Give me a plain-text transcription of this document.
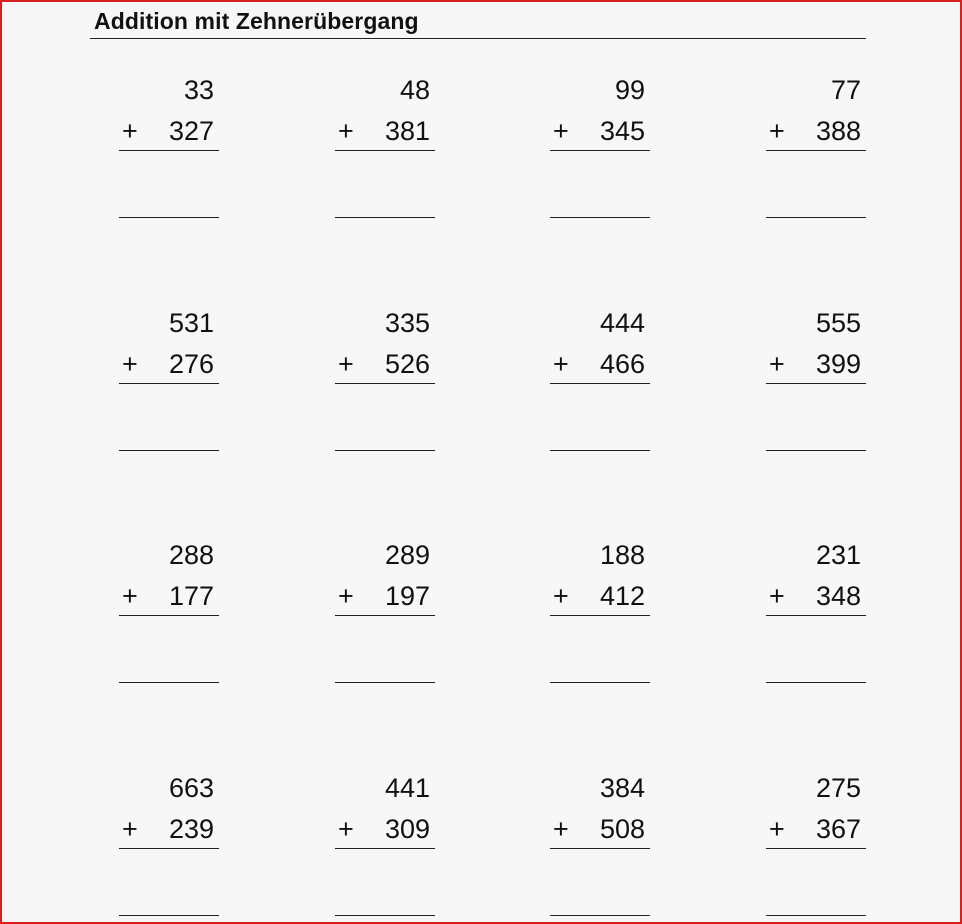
Addition mit Zehnerübergang
33
+ 327
48
+ 381
99
+ 345
77
+ 388
531
+ 276
335
+ 526
444
+ 466
555
+ 399
288
+ 177
289
+ 197
188
+ 412
231
+ 348
663
+ 239
441
+ 309
384
+ 508
275
+ 367
